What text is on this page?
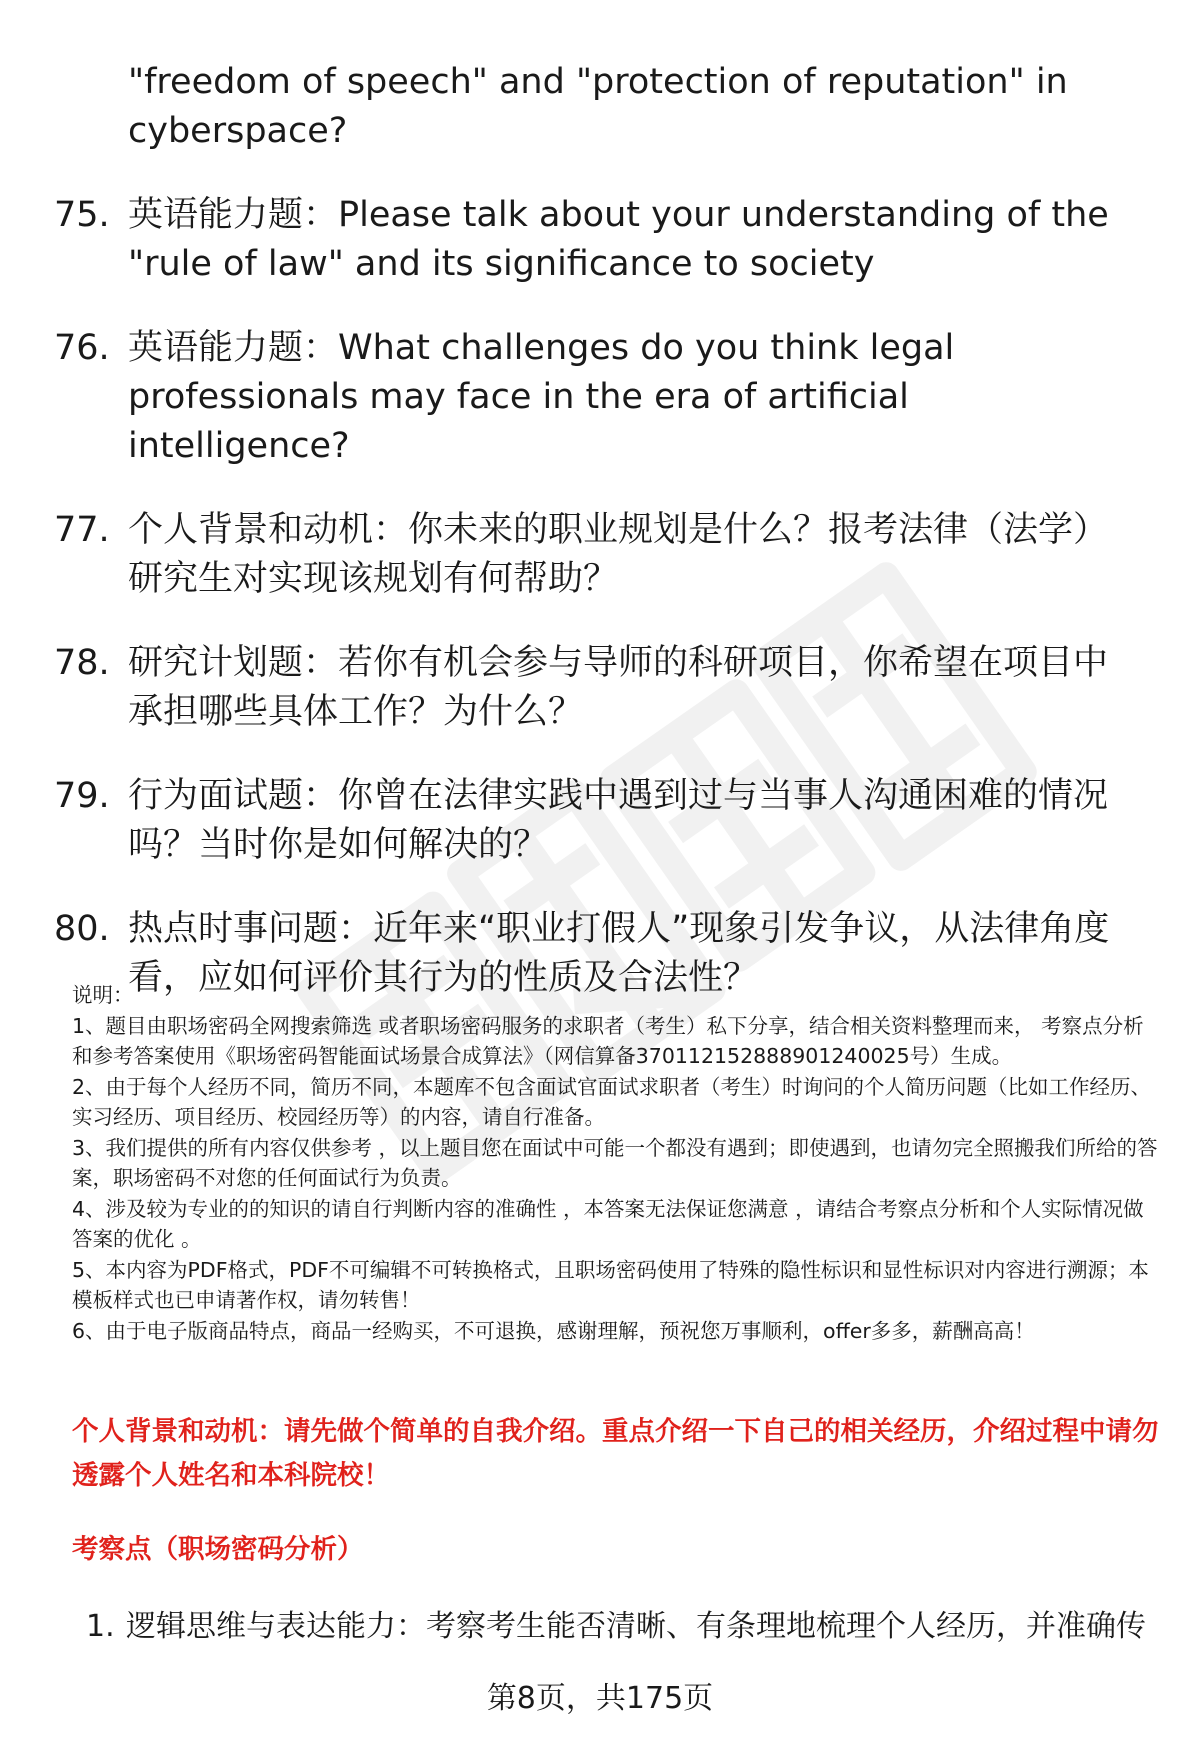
"freedom of speech" and "protection of reputation" in cyberspace?
75. 英语能力题：Please talk about your understanding of the "rule of law" and its significance to society
76. 英语能力题：What challenges do you think legal professionals may face in the era of artificial intelligence?
77. 个人背景和动机：你未来的职业规划是什么？报考法律（法学）研究生对实现该规划有何帮助？
78. 研究计划题：若你有机会参与导师的科研项目，你希望在项目中承担哪些具体工作？为什么？
79. 行为面试题：你曾在法律实践中遇到过与当事人沟通困难的情况吗？当时你是如何解决的？
80. 热点时事问题：近年来“职业打假人”现象引发争议，从法律角度看，应如何评价其行为的性质及合法性？

说明：

1、题目由职场密码全网搜索筛选 或者职场密码服务的求职者（考生）私下分享，结合相关资料整理而来， 考察点分析和参考答案使用《职场密码智能面试场景合成算法》（网信算备370112152888901240025号）生成。

2、由于每个人经历不同，简历不同，本题库不包含面试官面试求职者（考生）时询问的个人简历问题（比如工作经历、实习经历、项目经历、校园经历等）的内容，请自行准备。

3、我们提供的所有内容仅供参考 ，以上题目您在面试中可能一个都没有遇到；即使遇到，也请勿完全照搬我们所给的答案，职场密码不对您的任何面试行为负责。

4、涉及较为专业的的知识的请自行判断内容的准确性 ，本答案无法保证您满意 ，请结合考察点分析和个人实际情况做答案的优化 。

5、本内容为PDF格式，PDF不可编辑不可转换格式，且职场密码使用了特殊的隐性标识和显性标识对内容进行溯源；本模板样式也已申请著作权，请勿转售！

6、由于电子版商品特点，商品一经购买，不可退换，感谢理解，预祝您万事顺利，offer多多，薪酬高高！

个人背景和动机：请先做个简单的自我介绍。重点介绍一下自己的相关经历，介绍过程中请勿透露个人姓名和本科院校！
考察点（职场密码分析）
1. 逻辑思维与表达能力：考察考生能否清晰、有条理地梳理个人经历，并准确传
第8页，共175页
